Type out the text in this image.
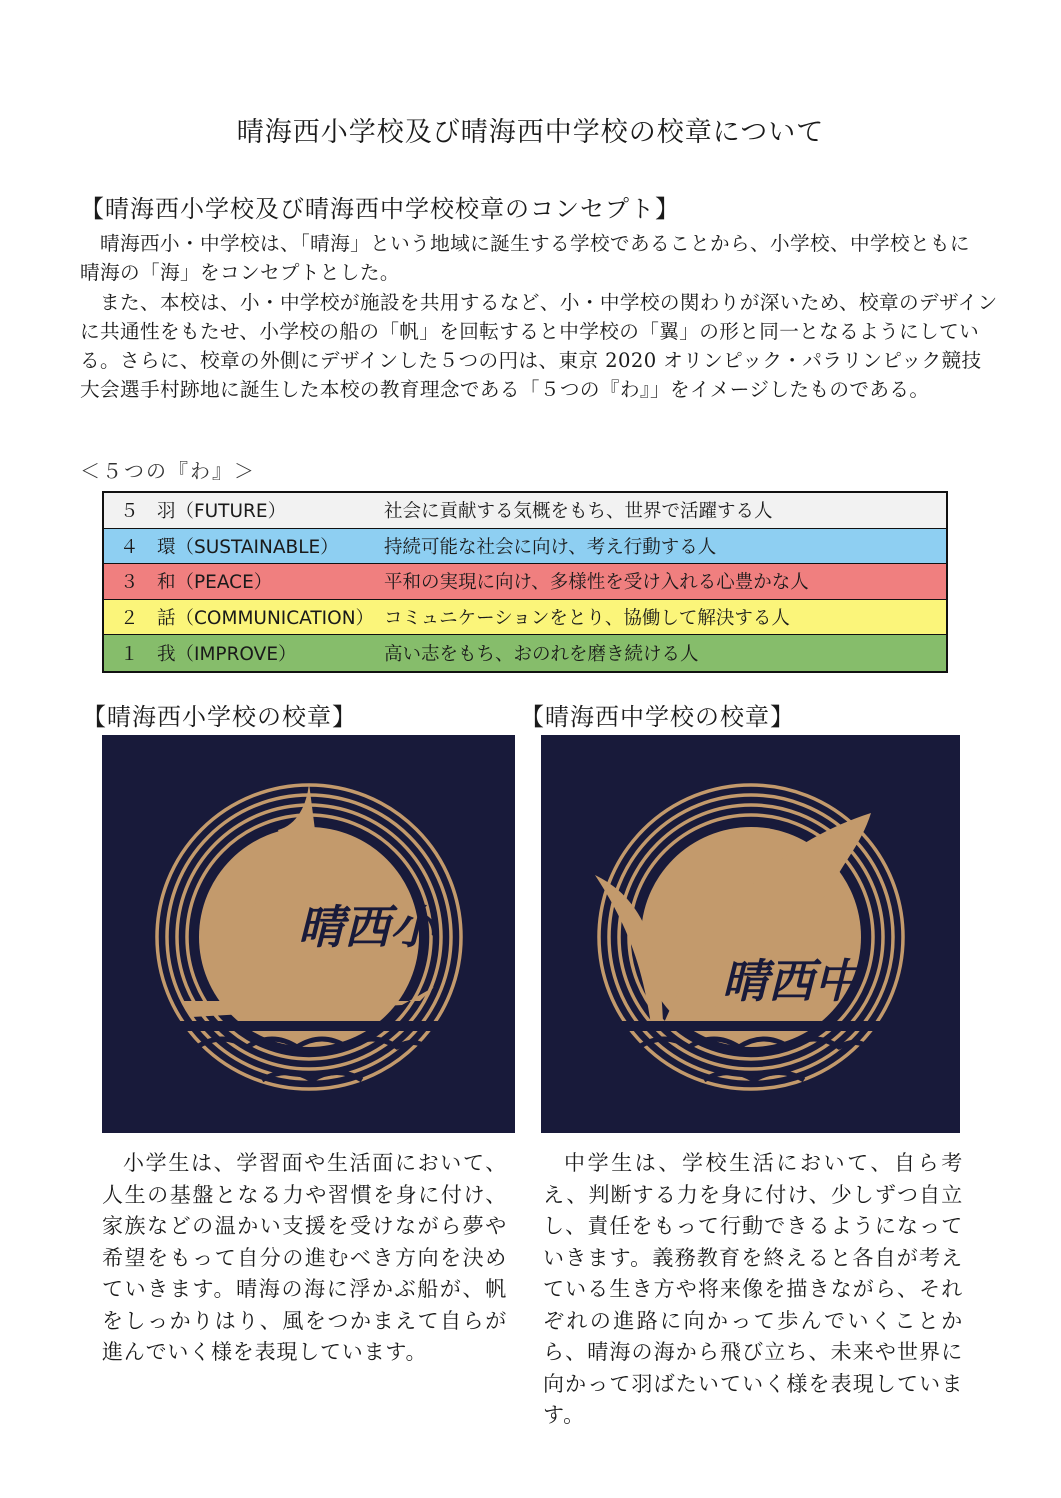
晴海西小学校及び晴海西中学校の校章について
【晴海西小学校及び晴海西中学校校章のコンセプト】

晴海西小・中学校は、「晴海」という地域に誕生する学校であることから、小学校、中学校ともに　晴海の「海」をコンセプトとした。

また、本校は、小・中学校が施設を共用するなど、小・中学校の関わりが深いため、校章のデザインに共通性をもたせ、小学校の船の「帆」を回転すると中学校の「翼」の形と同一となるようにしている。さらに、校章の外側にデザインした５つの円は、東京 2020 オリンピック・パラリンピック競技大会選手村跡地に誕生した本校の教育理念である「５つの『わ』」をイメージしたものである。

＜５つの『わ』＞
５　羽（FUTURE）	社会に貢献する気概をもち、世界で活躍する人
４　環（SUSTAINABLE）	持続可能な社会に向け、考え行動する人
３　和（PEACE）	平和の実現に向け、多様性を受け入れる心豊かな人
２　話（COMMUNICATION） コミュニケーションをとり、協働して解決する人
１　我（IMPROVE）	高い志をもち、おのれを磨き続ける人
【晴海西小学校の校章】	【晴海西中学校の校章】
晴西小
晴西中

小学生は、学習面や生活面において、人生の基盤となる力や習慣を身に付け、家族などの温かい支援を受けながら夢や希望をもって自分の進むべき方向を決めていきます。晴海の海に浮かぶ船が、帆をしっかりはり、風をつかまえて自らが進んでいく様を表現しています。

中学生は、学校生活において、自ら考え、判断する力を身に付け、少しずつ自立し、責任をもって行動できるようになっていきます。義務教育を終えると各自が考えている生き方や将来像を描きながら、それぞれの進路に向かって歩んでいくことから、晴海の海から飛び立ち、未来や世界に向かって羽ばたいていく様を表現しています。
